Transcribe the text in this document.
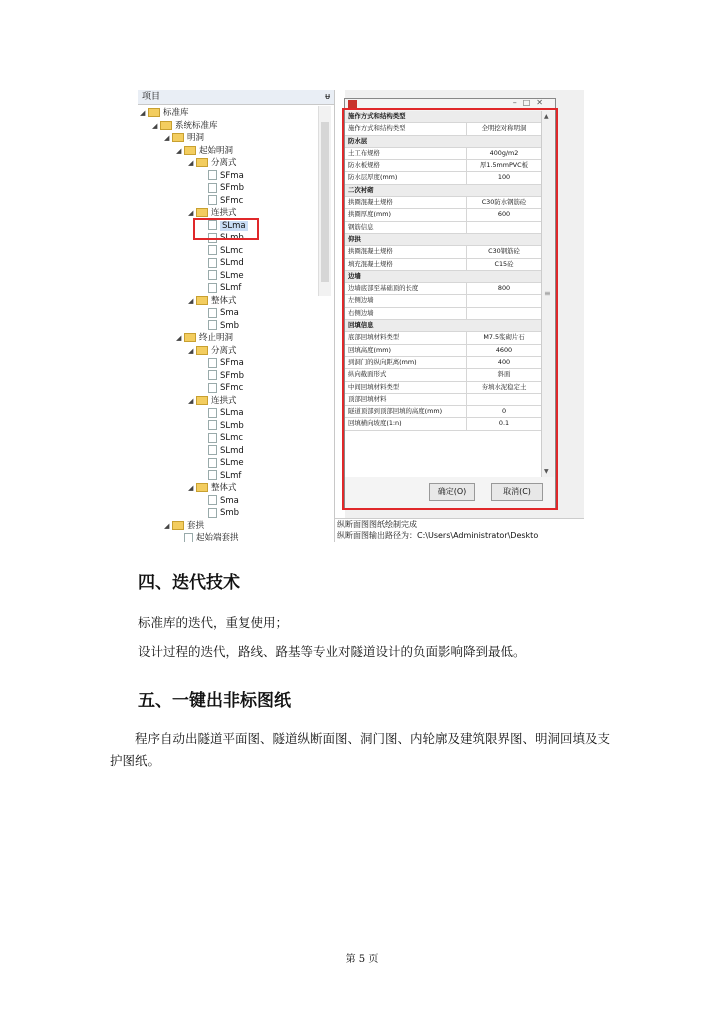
项目	ᵾ
◢ 标准库
◢ 系统标准库
◢ 明洞
◢ 起始明洞
◢ 分离式
SFma
SFmb
SFmc
◢ 连拱式
SLma
SLmb
SLmc
SLmd
SLme
SLmf
◢ 整体式
Sma
Smb
◢ 终止明洞
◢ 分离式
SFma
SFmb
SFmc
◢ 连拱式
SLma
SLmb
SLmc
SLmd
SLme
SLmf
◢ 整体式
Sma
Smb
◢ 套拱
起始端套拱
–□✕
施作方式和结构类型
施作方式和结构类型	全明挖对称明洞
防水层
土工布规格	400g/m2
防水板规格	厚1.5mmPVC板
防水层厚度(mm)	100
二次衬砌
拱圈混凝土规格	C30防水钢筋砼
拱圈厚度(mm)	600
钢筋信息
仰拱
拱圈混凝土规格	C30钢筋砼
填充混凝土规格	C15砼
边墙
边墙底部至基础顶的长度	800
左侧边墙
右侧边墙
回填信息
底部回填材料类型	M7.5浆砌片石
回填高度(mm)	4600
到洞门的纵向距离(mm)	400
纵向截面形式	斜面
中间回填材料类型	夯填水泥稳定土
顶部回填材料
隧道顶部到顶部回填的高度(mm)	0
回填横向坡度(1:n)	0.1
▲
≡
▼
确定(O)	取消(C)
纵断面图图纸绘制完成
纵断面图输出路径为：C:\Users\Administrator\Deskto
四、迭代技术
标准库的迭代，重复使用；
设计过程的迭代，路线、路基等专业对隧道设计的负面影响降到最低。
五、一键出非标图纸
　　程序自动出隧道平面图、隧道纵断面图、洞门图、内轮廓及建筑限界图、明洞回填及支护图纸。
第 5 页
